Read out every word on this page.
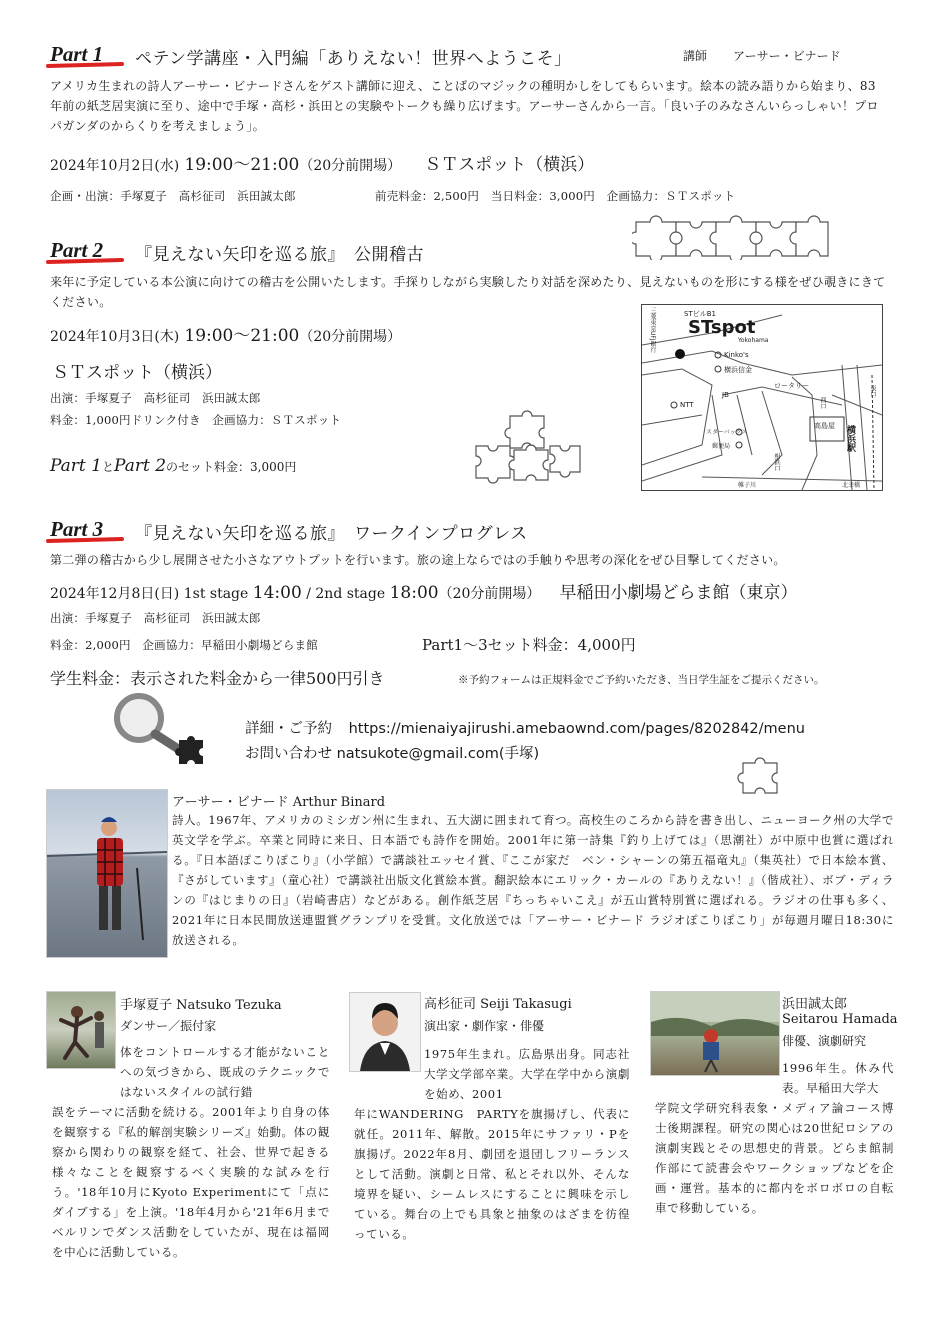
Part 1 ペテン学講座・入門編「ありえない！世界へようこそ」	講師 アーサー・ビナード
アメリカ生まれの詩人アーサー・ビナードさんをゲスト講師に迎え、ことばのマジックの種明かしをしてもらいます。絵本の読み語りから始まり、83年前の紙芝居実演に至り、途中で手塚・高杉・浜田との実験やトークも繰り広げます。アーサーさんから一言。「良い子のみなさんいらっしゃい！プロパガンダのからくりを考えましょう」。
2024年10月2日(水) 19:00〜21:00（20分前開場） ＳＴスポット（横浜）
企画・出演：手塚夏子　高杉征司　浜田誠太郎	前売料金：2,500円　当日料金：3,000円　企画協力：ＳＴスポット
Part 2 『見えない矢印を巡る旅』　公開稽古
来年に予定している本公演に向けての稽古を公開いたします。手探りしながら実験したり対話を深めたり、見えないものを形にする様をぜひ覗きにきてください。
2024年10月3日(木) 19:00〜21:00（20分前開場）
ＳＴスポット（横浜）
出演：手塚夏子　高杉征司　浜田誠太郎
料金：1,000円ドリンク付き　企画協力：ＳＴスポット
Part 1とPart 2のセット料金：3,000円
STビルB1
STspot
Yokohama
三菱東京UFJ銀行
Kinko's
横浜信金
ロータリー
NTT
JB
スターバックス
郵便局
高島屋
相鉄口
横浜駅
西口
東口
帷子川	北幸橋
Part 3 『見えない矢印を巡る旅』　ワークインプログレス
第二弾の稽古から少し展開させた小さなアウトプットを行います。旅の途上ならではの手触りや思考の深化をぜひ目撃してください。
2024年12月8日(日) 1st stage 14:00 / 2nd stage 18:00（20分前開場） 早稲田小劇場どらま館（東京）
出演：手塚夏子　高杉征司　浜田誠太郎
料金：2,000円　企画協力：早稲田小劇場どらま館	Part1〜3セット料金：4,000円
学生料金：表示された料金から一律500円引き	※予約フォームは正規料金でご予約いただき、当日学生証をご提示ください。
詳細・ご予約 https://mienaiyajirushi.amebaownd.com/pages/8202842/menu
お問い合わせ natsukote@gmail.com(手塚)
アーサー・ビナード Arthur Binard
詩人。1967年、アメリカのミシガン州に生まれ、五大湖に囲まれて育つ。高校生のころから詩を書き出し、ニューヨーク州の大学で英文学を学ぶ。卒業と同時に来日、日本語でも詩作を開始。2001年に第一詩集『釣り上げては』（思潮社）が中原中也賞に選ばれる。『日本語ぽこりぽこり』（小学館）で講談社エッセイ賞、『ここが家だ　ベン・シャーンの第五福竜丸』（集英社）で日本絵本賞、『さがしています』（童心社）で講談社出版文化賞絵本賞。翻訳絵本にエリック・カールの『ありえない！』（偕成社）、ボブ・ディランの『はじまりの日』（岩崎書店）などがある。創作紙芝居『ちっちゃいこえ』が五山賞特別賞に選ばれる。ラジオの仕事も多く、2021年に日本民間放送連盟賞グランプリを受賞。文化放送では「アーサー・ビナード ラジオぽこりぽこり」が毎週月曜日18:30に放送される。
手塚夏子 Natsuko Tezuka
ダンサー／振付家
体をコントロールする才能がないことへの気づきから、既成のテクニックではないスタイルの試行錯
誤をテーマに活動を続ける。2001年より自身の体を観察する『私的解剖実験シリーズ』始動。体の観察から関わりの観察を経て、社会、世界で起きる様々なことを観察するべく実験的な試みを行う。'18年10月にKyoto Experimentにて「点にダイブする」を上演。'18年4月から'21年6月までベルリンでダンス活動をしていたが、現在は福岡を中心に活動している。
高杉征司 Seiji Takasugi
演出家・劇作家・俳優
1975年生まれ。広島県出身。同志社大学文学部卒業。大学在学中から演劇を始め、2001
年にWANDERING　PARTYを旗揚げし、代表に就任。2011年、解散。2015年にサファリ・Pを旗揚げ。2022年8月、劇団を退団しフリーランスとして活動。演劇と日常、私とそれ以外、そんな境界を疑い、シームレスにすることに興味を示している。舞台の上でも具象と抽象のはざまを彷徨っている。
浜田誠太郎
Seitarou Hamada
俳優、演劇研究
1996年生。休み代表。早稲田大学大
学院文学研究科表象・メディア論コース博士後期課程。研究の関心は20世紀ロシアの演劇実践とその思想史的背景。どらま館制作部にて読書会やワークショップなどを企画・運営。基本的に都内をボロボロの自転車で移動している。
